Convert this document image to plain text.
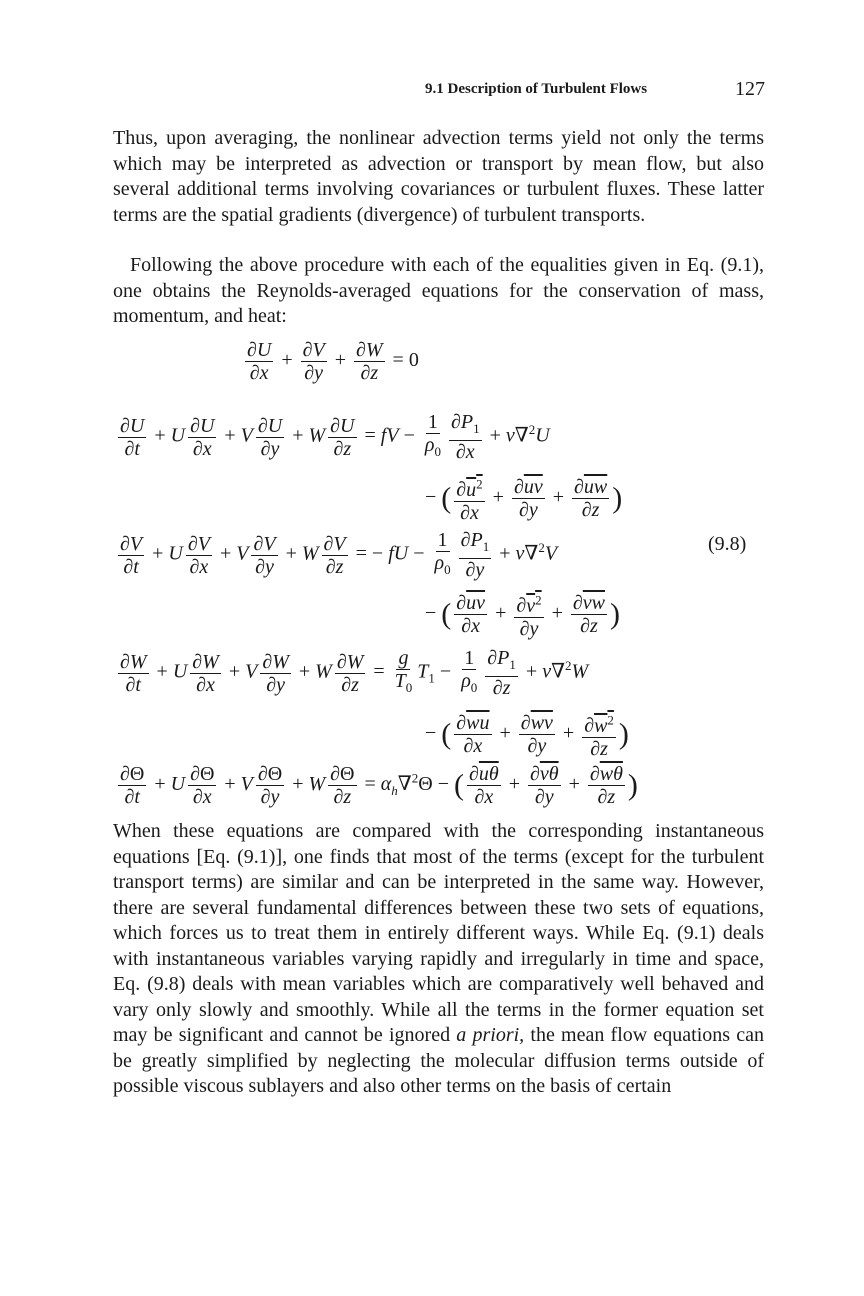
9.1 Description of Turbulent Flows	127

Thus, upon averaging, the nonlinear advection terms yield not only the terms which may be interpreted as advection or transport by mean flow, but also several additional terms involving covariances or turbulent fluxes. These latter terms are the spatial gradients (divergence) of turbulent transports.

Following the above procedure with each of the equalities given in Eq. (9.1), one obtains the Reynolds-averaged equations for the conservation of mass, momentum, and heat:

$\frac{\partial U}{\partial x} + \frac{\partial V}{\partial y} + \frac{\partial W}{\partial z} = 0$
$\frac{\partial U}{\partial t} + U \frac{\partial U}{\partial x} + V \frac{\partial U}{\partial y} + W \frac{\partial U}{\partial z}$ = fV − $\frac{1}{\rho_0} \frac{\partial P_1}{\partial x} + \nu\nabla^2U$
− ( $\frac{\partial u^2}{\partial x} + \frac{\partial\overline{uv}}{\partial y} + \frac{\partial\overline{uw}}{\partial z}$ )
$\frac{\partial V}{\partial t} + U \frac{\partial V}{\partial x} + V \frac{\partial V}{\partial y} + W \frac{\partial V}{\partial z}$ = − fU − $\frac{1}{\rho_0} \frac{\partial P_1}{\partial y} + \nu\nabla^2V$	(9.8)
− ( $\frac{\partial\overline{uv}}{\partial x} + \frac{\partial v^2}{\partial y} + \frac{\partial\overline{vw}}{\partial z}$ )
$\frac{\partial W}{\partial t} + U \frac{\partial W}{\partial x} + V \frac{\partial W}{\partial y} + W \frac{\partial W}{\partial z} = \frac{g}{T_0} T_1 - \frac{1}{\rho_0} \frac{\partial P_1}{\partial z} + \nu\nabla^2W$
− ( $\frac{\partial\overline{wu}}{\partial x} + \frac{\partial\overline{wv}}{\partial y} + \frac{\partial w^2}{\partial z}$ )
$\frac{\partial\Theta}{\partial t} + U \frac{\partial\Theta}{\partial x} + V \frac{\partial\Theta}{\partial y} + W \frac{\partial\Theta}{\partial z} = \alpha_h\nabla^2\Theta$ − ( $\frac{\partial\overline{u\theta}}{\partial x} + \frac{\partial\overline{v\theta}}{\partial y} + \frac{\partial\overline{w\theta}}{\partial z}$ )

When these equations are compared with the corresponding instantaneous equations [Eq. (9.1)], one finds that most of the terms (except for the turbulent transport terms) are similar and can be interpreted in the same way. However, there are several fundamental differences between these two sets of equations, which forces us to treat them in entirely different ways. While Eq. (9.1) deals with instantaneous variables varying rapidly and irregularly in time and space, Eq. (9.8) deals with mean variables which are comparatively well behaved and vary only slowly and smoothly. While all the terms in the former equation set may be significant and cannot be ignored a priori, the mean flow equations can be greatly simplified by neglecting the molecular diffusion terms outside of possible viscous sublayers and also other terms on the basis of certain
